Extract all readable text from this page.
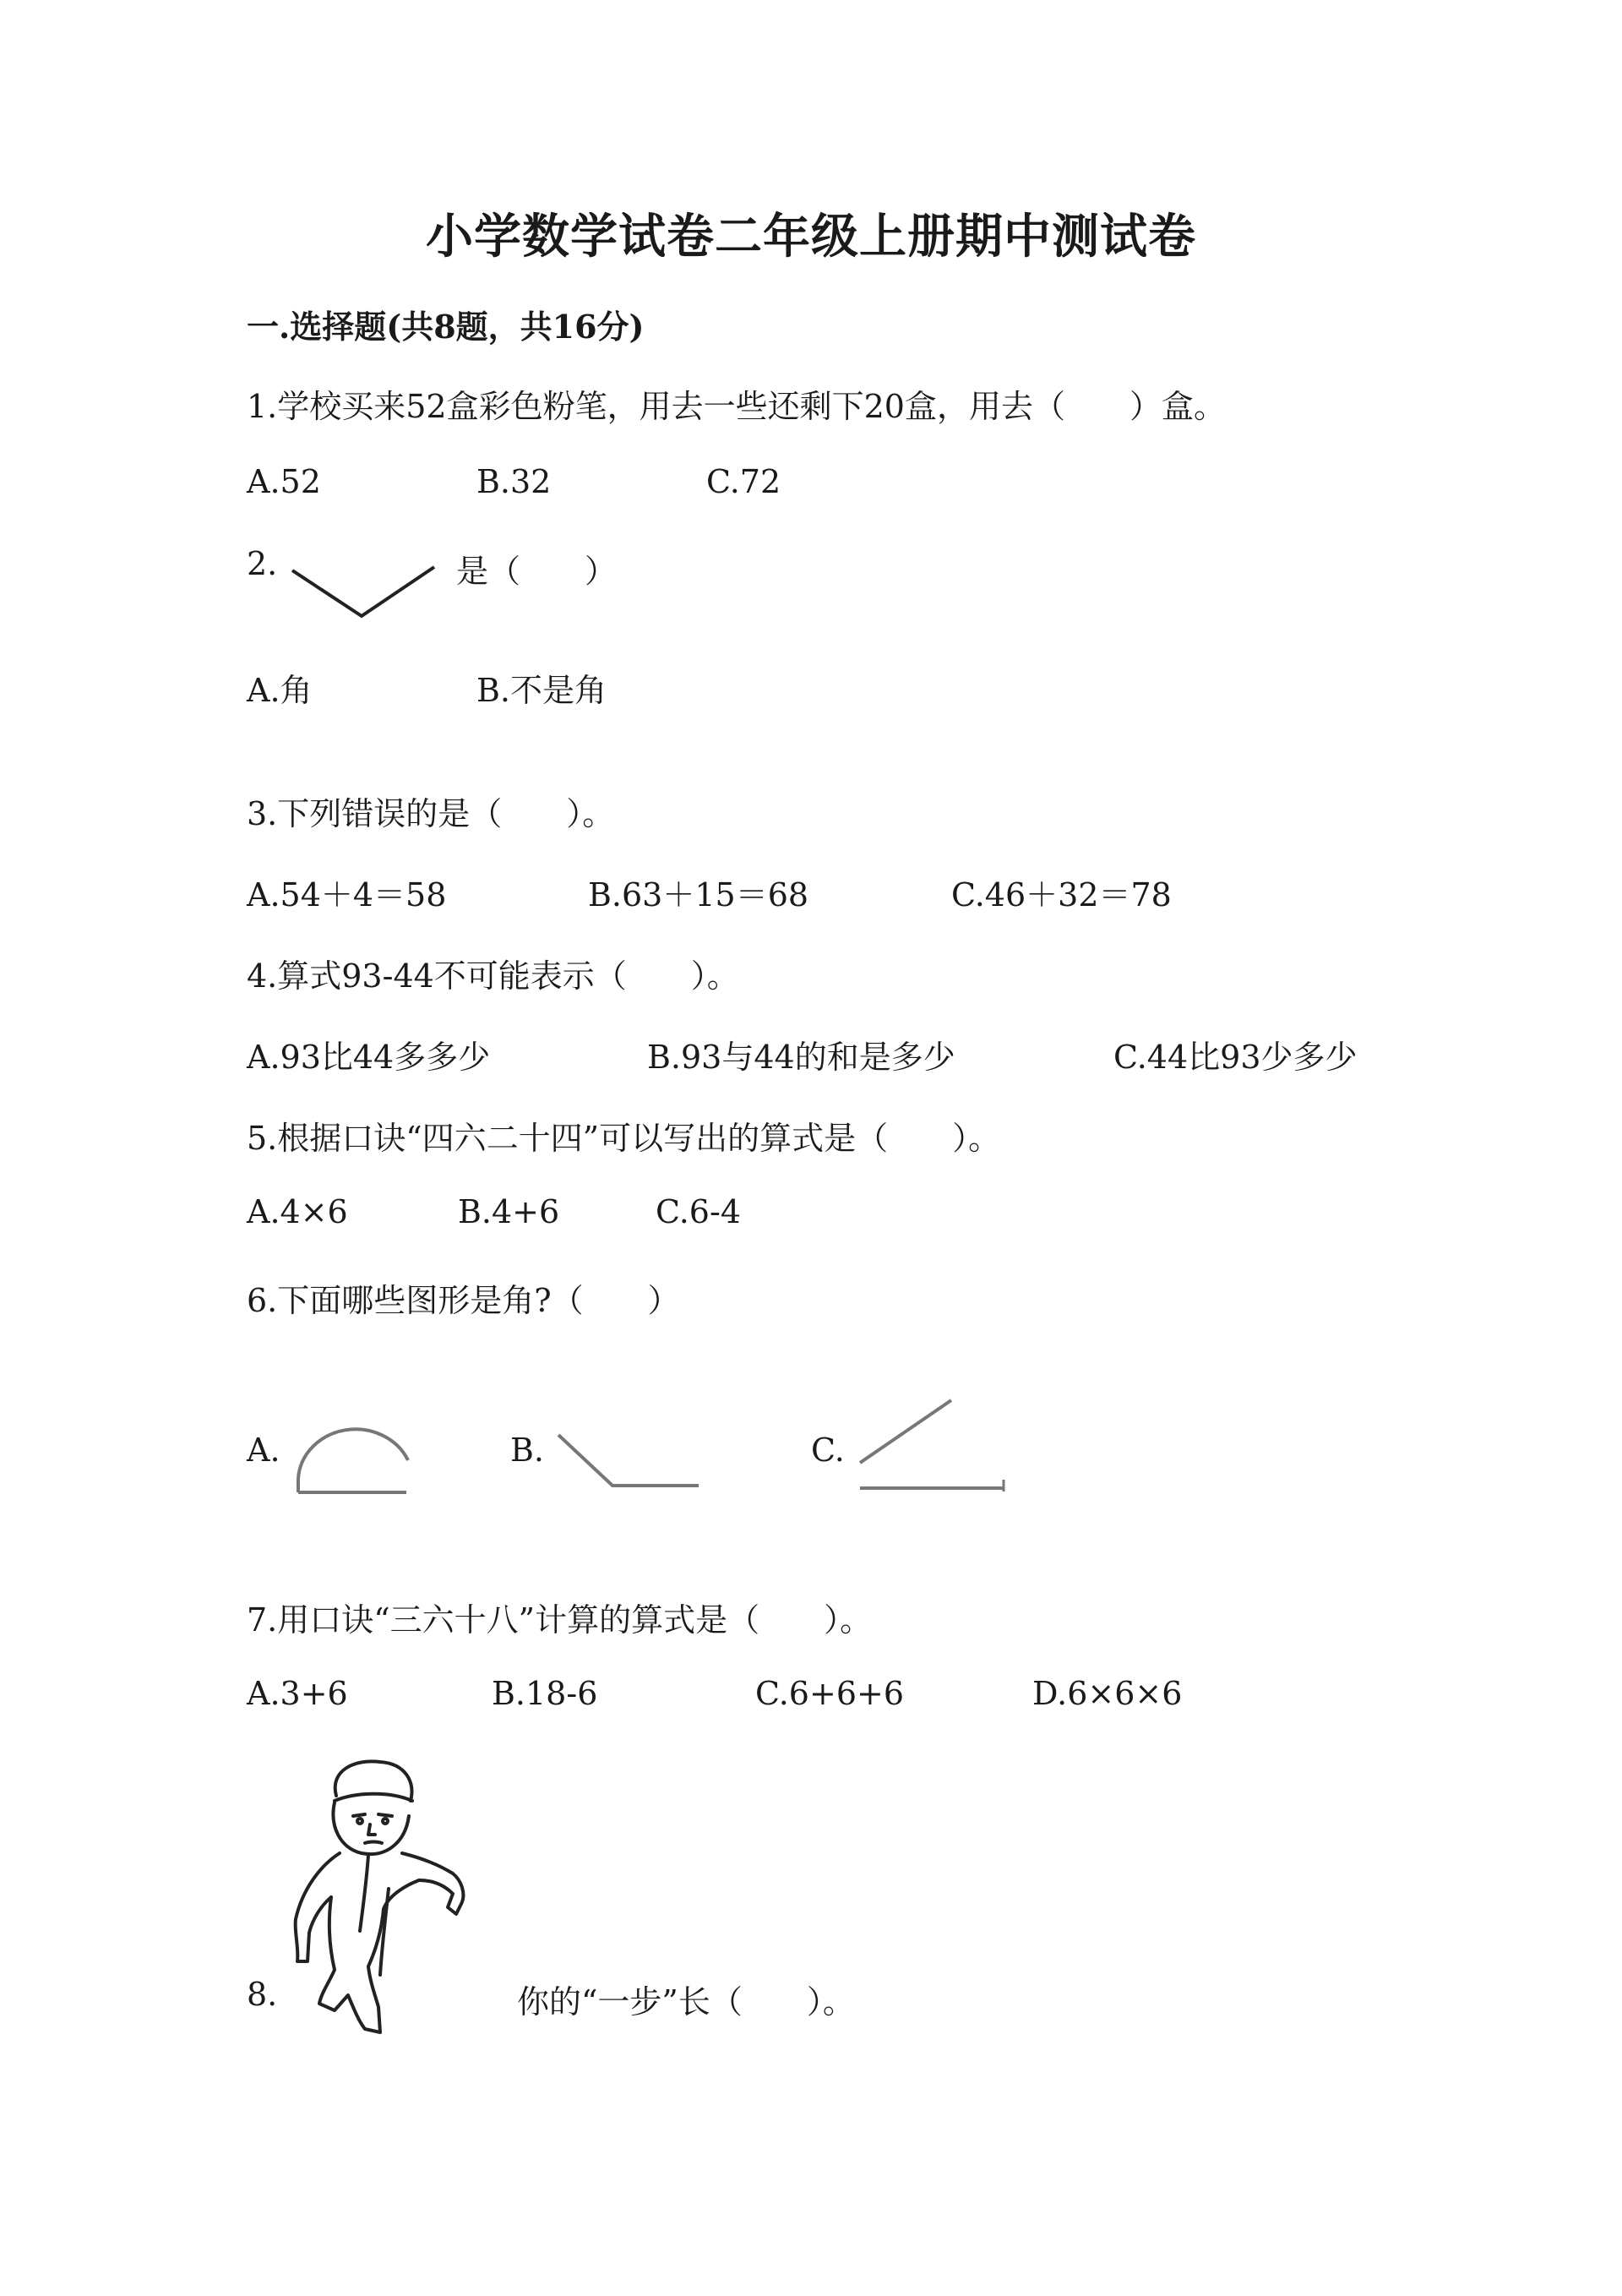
小学数学试卷二年级上册期中测试卷
一.选择题(共8题，共16分)
1.学校买来52盒彩色粉笔，用去一些还剩下20盒，用去（　　）盒。
A.52	B.32	C.72
2.	是（　　）
A.角	B.不是角
3.下列错误的是（　　）。
A.54＋4＝58	B.63＋15＝68	C.46＋32＝78
4.算式93-44不可能表示（　　）。
A.93比44多多少	B.93与44的和是多少	C.44比93少多少
5.根据口诀“四六二十四”可以写出的算式是（　　）。
A.4×6	B.4+6	C.6-4
6.下面哪些图形是角?（　　）
A.	B.	C.
7.用口诀“三六十八”计算的算式是（　　）。
A.3+6	B.18-6	C.6+6+6	D.6×6×6
8.	你的“一步”长（　　）。
